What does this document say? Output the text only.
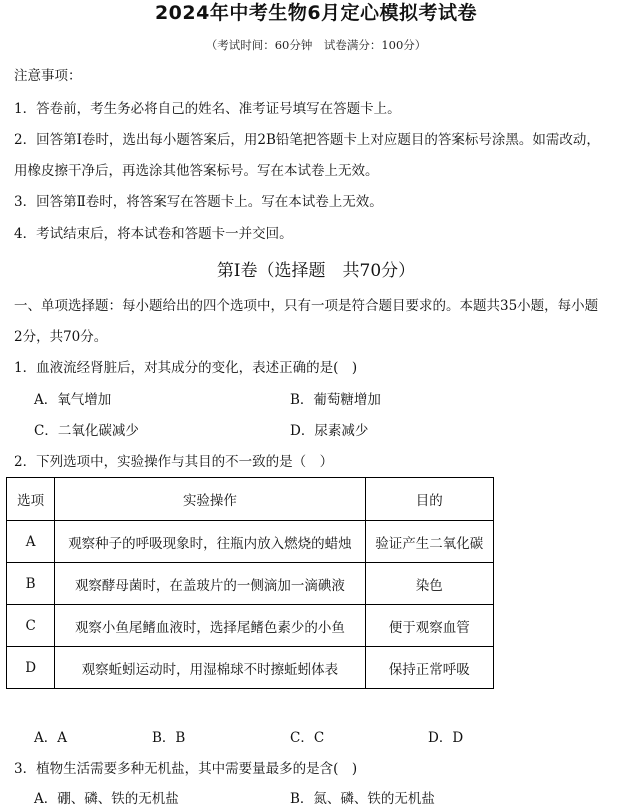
2024年中考生物6月定心模拟考试卷
（考试时间：60分钟　试卷满分：100分）
注意事项：
1．答卷前，考生务必将自己的姓名、准考证号填写在答题卡上。
2．回答第Ⅰ卷时，选出每小题答案后，用2B铅笔把答题卡上对应题目的答案标号涂黑。如需改动，
用橡皮擦干净后，再选涂其他答案标号。写在本试卷上无效。
3．回答第Ⅱ卷时，将答案写在答题卡上。写在本试卷上无效。
4．考试结束后，将本试卷和答题卡一并交回。
第Ⅰ卷（选择题　共70分）
一、单项选择题：每小题给出的四个选项中，只有一项是符合题目要求的。本题共35小题，每小题
2分，共70分。
1．血液流经肾脏后，对其成分的变化，表述正确的是(　)
A．氧气增加	B．葡萄糖增加
C．二氧化碳减少	D．尿素减少
2．下列选项中，实验操作与其目的不一致的是（　）
选项	实验操作	目的
A	观察种子的呼吸现象时，往瓶内放入燃烧的蜡烛	验证产生二氧化碳
B	观察酵母菌时，在盖玻片的一侧滴加一滴碘液	染色
C	观察小鱼尾鳍血液时，选择尾鳍色素少的小鱼	便于观察血管
D	观察蚯蚓运动时，用湿棉球不时擦蚯蚓体表	保持正常呼吸
A．A	B．B	C．C	D．D
3．植物生活需要多种无机盐，其中需要量最多的是含(　)
A．硼、磷、铁的无机盐	B．氮、磷、铁的无机盐
